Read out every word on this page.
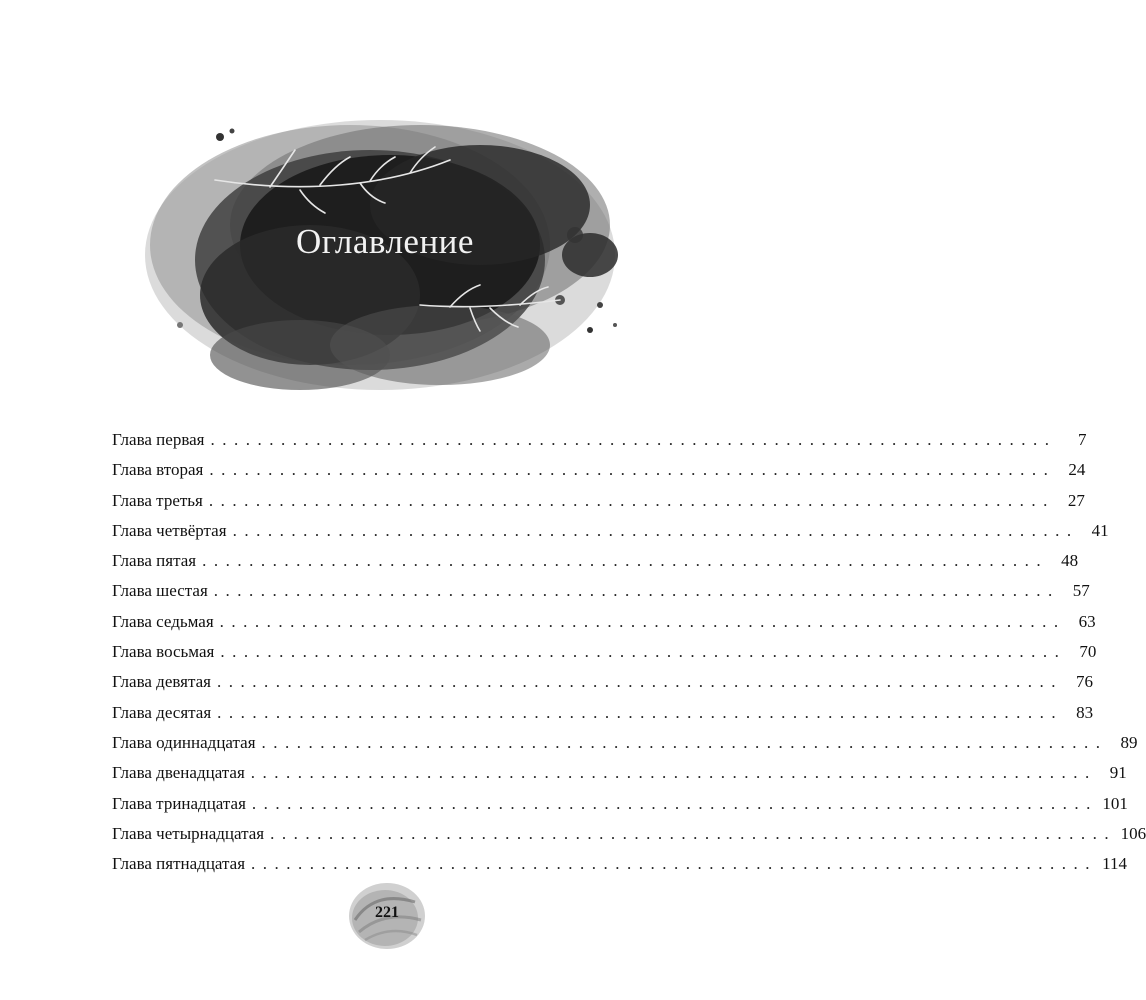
Оглавление
Глава первая ........................................................................	7
Глава вторая ........................................................................ 24
Глава третья ........................................................................ 27
Глава четвёртая ........................................................................ 41
Глава пятая ........................................................................ 48
Глава шестая ........................................................................ 57
Глава седьмая ........................................................................ 63
Глава восьмая ........................................................................ 70
Глава девятая ........................................................................ 76
Глава десятая ........................................................................ 83
Глава одиннадцатая ........................................................................ 89
Глава двенадцатая ........................................................................ 91
Глава тринадцатая ........................................................................ 101
Глава четырнадцатая ........................................................................ 106
Глава пятнадцатая ........................................................................ 114
221
